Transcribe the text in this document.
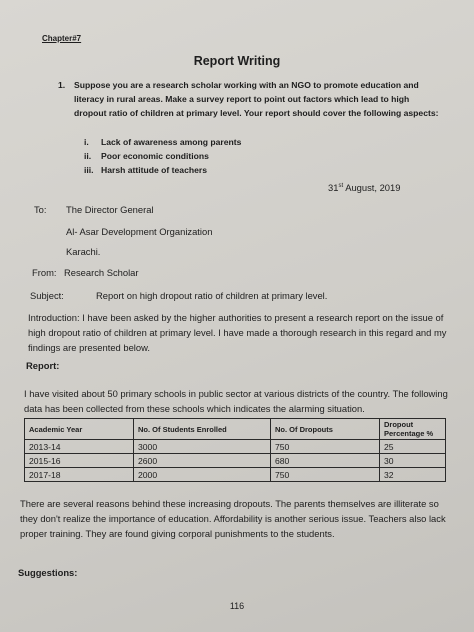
Chapter#7
Report Writing
1. Suppose you are a research scholar working with an NGO to promote education and literacy in rural areas. Make a survey report to point out factors which lead to high dropout ratio of children at primary level. Your report should cover the following aspects:
i. Lack of awareness among parents
ii. Poor economic conditions
iii. Harsh attitude of teachers
31st August, 2019
To: The Director General
Al- Asar Development Organization
Karachi.
From: Research Scholar
Subject:	Report on high dropout ratio of children at primary level.
Introduction: I have been asked by the higher authorities to present a research report on the issue of high dropout ratio of children at primary level. I have made a thorough research in this regard and my findings are presented below.
Report:
I have visited about 50 primary schools in public sector at various districts of the country. The following data has been collected from these schools which indicates the alarming situation.
Academic Year	No. Of Students Enrolled	No. Of Dropouts	Dropout Percentage %
2013-14	3000	750	25
2015-16	2600	680	30
2017-18	2000	750	32
There are several reasons behind these increasing dropouts. The parents themselves are illiterate so they don't realize the importance of education. Affordability is another serious issue. Teachers also lack proper training. They are found giving corporal punishments to the students.
Suggestions:
116
